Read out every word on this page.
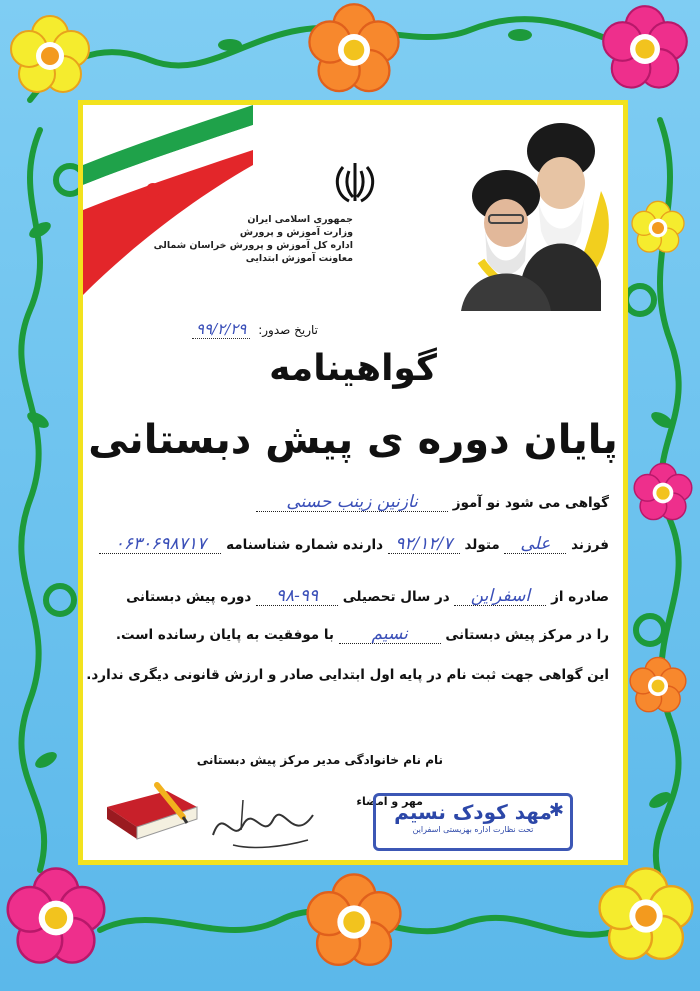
جمهوری اسلامی ایران
وزارت آموزش و پرورش
اداره کل آموزش و پرورش خراسان شمالی
معاونت آموزش ابتدایی
تاریخ صدور: ۹۹/۲/۲۹
گواهینامه
پایان دوره ی پیش دبستانی
گواهی می شود نو آموز نازنین زینب حسنی
فرزند علی متولد ۹۲/۱۲/۷ دارنده شماره شناسنامه ۰۶۳۰۶۹۸۷۱۷
صادره از اسفراین در سال تحصیلی ۹۸-۹۹ دوره پیش دبستانی
را در مرکز پیش دبستانی نسیم با موفقیت به پایان رسانده است.
این گواهی جهت ثبت نام در پایه اول ابتدایی صادر و ارزش قانونی دیگری ندارد.
نام نام خانوادگی مدیر مرکز پیش دبستانی
مهر و امضاء	✱
مهد کودک نسیم
تحت نظارت اداره بهزیستی اسفراین
